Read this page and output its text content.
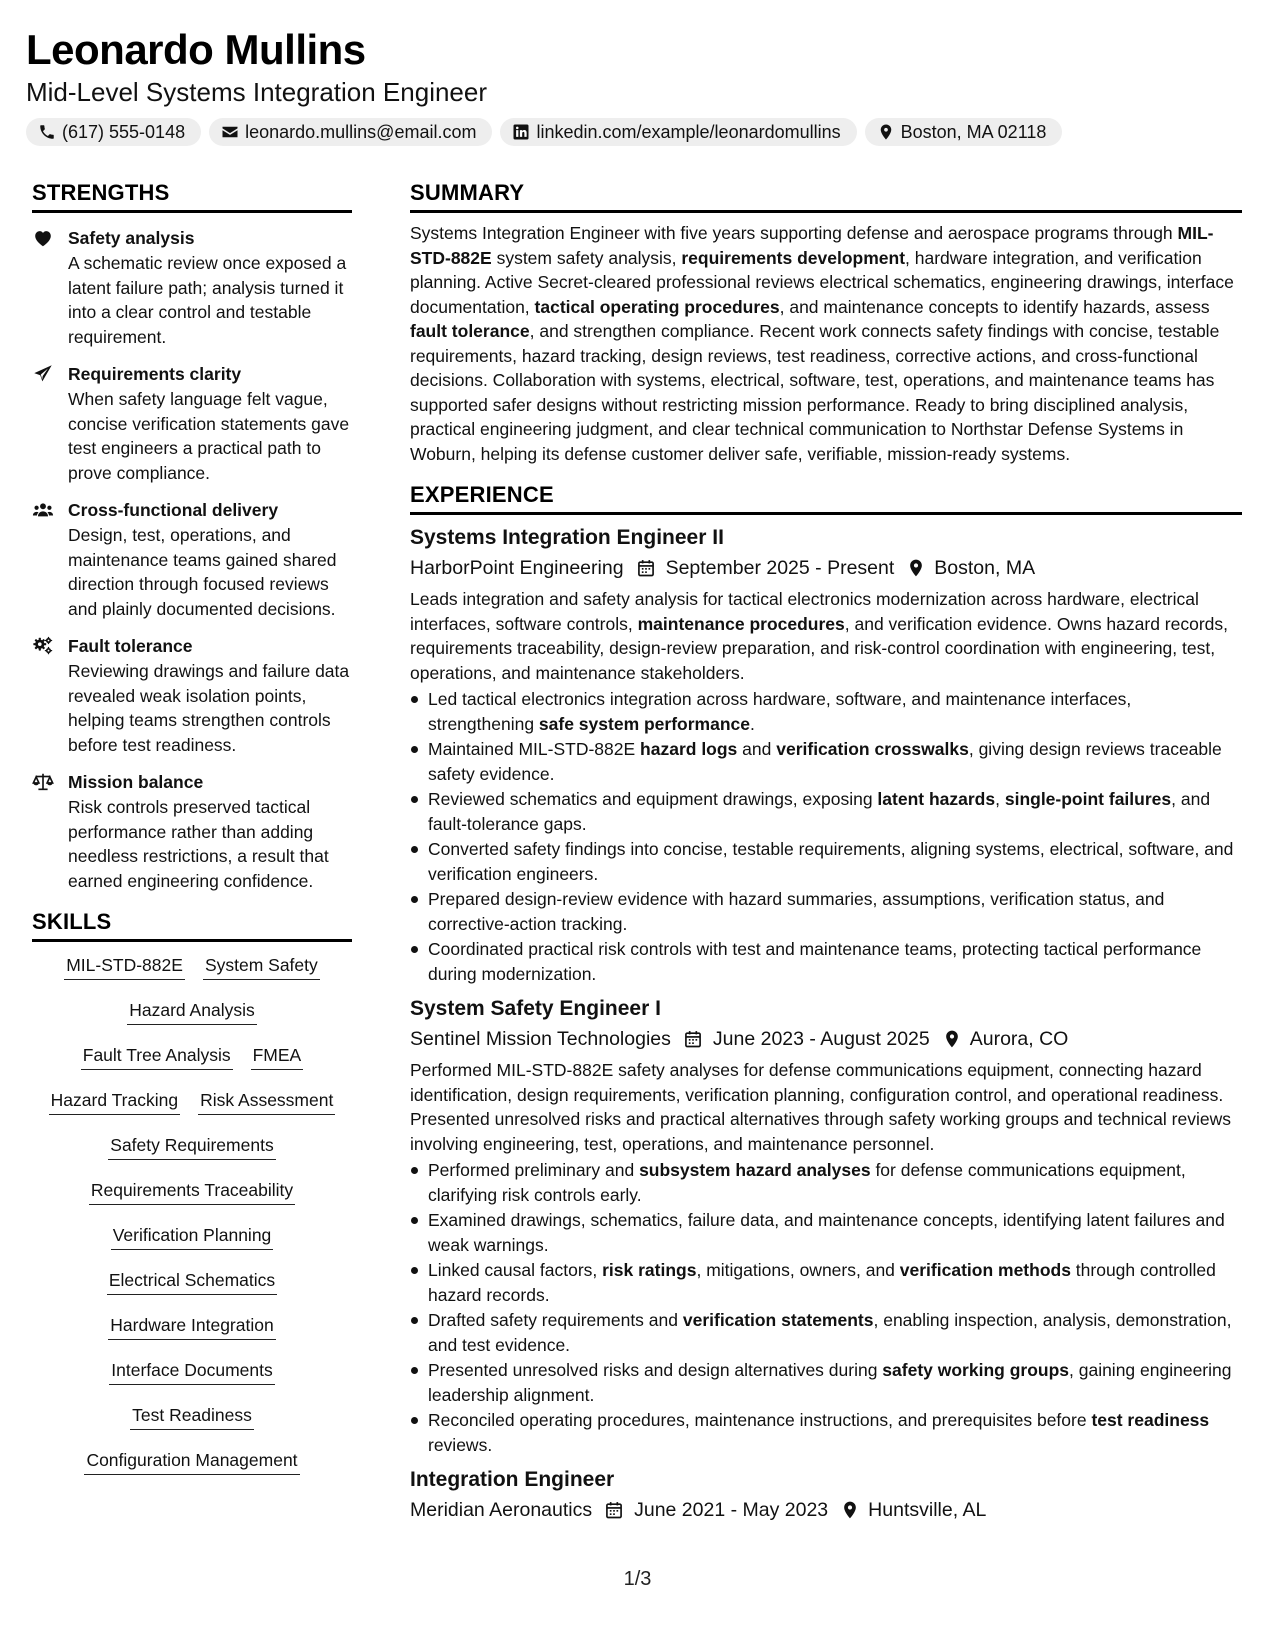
Leonardo Mullins
Mid-Level Systems Integration Engineer
(617) 555-0148	leonardo.mullins@email.com	linkedin.com/example/leonardomullins	Boston, MA 02118
STRENGTHS
Safety analysis
A schematic review once exposed a latent failure path; analysis turned it into a clear control and testable requirement.
Requirements clarity
When safety language felt vague, concise verification statements gave test engineers a practical path to prove compliance.
Cross-functional delivery
Design, test, operations, and maintenance teams gained shared direction through focused reviews and plainly documented decisions.
Fault tolerance
Reviewing drawings and failure data revealed weak isolation points, helping teams strengthen controls before test readiness.
Mission balance
Risk controls preserved tactical performance rather than adding needless restrictions, a result that earned engineering confidence.
SKILLS
MIL-STD-882E System Safety
Hazard Analysis
Fault Tree Analysis FMEA
Hazard Tracking Risk Assessment
Safety Requirements
Requirements Traceability
Verification Planning
Electrical Schematics
Hardware Integration
Interface Documents
Test Readiness
Configuration Management
SUMMARY
Systems Integration Engineer with five years supporting defense and aerospace programs through MIL-STD-882E system safety analysis, requirements development, hardware integration, and verification planning. Active Secret-cleared professional reviews electrical schematics, engineering drawings, interface documentation, tactical operating procedures, and maintenance concepts to identify hazards, assess fault tolerance, and strengthen compliance. Recent work connects safety findings with concise, testable requirements, hazard tracking, design reviews, test readiness, corrective actions, and cross-functional decisions. Collaboration with systems, electrical, software, test, operations, and maintenance teams has supported safer designs without restricting mission performance. Ready to bring disciplined analysis, practical engineering judgment, and clear technical communication to Northstar Defense Systems in Woburn, helping its defense customer deliver safe, verifiable, mission-ready systems.
EXPERIENCE
Systems Integration Engineer II
HarborPoint Engineering September 2025 - Present Boston, MA
Leads integration and safety analysis for tactical electronics modernization across hardware, electrical interfaces, software controls, maintenance procedures, and verification evidence. Owns hazard records, requirements traceability, design-review preparation, and risk-control coordination with engineering, test, operations, and maintenance stakeholders.
Led tactical electronics integration across hardware, software, and maintenance interfaces, strengthening safe system performance.
Maintained MIL-STD-882E hazard logs and verification crosswalks, giving design reviews traceable safety evidence.
Reviewed schematics and equipment drawings, exposing latent hazards, single-point failures, and fault-tolerance gaps.
Converted safety findings into concise, testable requirements, aligning systems, electrical, software, and verification engineers.
Prepared design-review evidence with hazard summaries, assumptions, verification status, and corrective-action tracking.
Coordinated practical risk controls with test and maintenance teams, protecting tactical performance during modernization.
System Safety Engineer I
Sentinel Mission Technologies June 2023 - August 2025 Aurora, CO
Performed MIL-STD-882E safety analyses for defense communications equipment, connecting hazard identification, design requirements, verification planning, configuration control, and operational readiness. Presented unresolved risks and practical alternatives through safety working groups and technical reviews involving engineering, test, operations, and maintenance personnel.
Performed preliminary and subsystem hazard analyses for defense communications equipment, clarifying risk controls early.
Examined drawings, schematics, failure data, and maintenance concepts, identifying latent failures and weak warnings.
Linked causal factors, risk ratings, mitigations, owners, and verification methods through controlled hazard records.
Drafted safety requirements and verification statements, enabling inspection, analysis, demonstration, and test evidence.
Presented unresolved risks and design alternatives during safety working groups, gaining engineering leadership alignment.
Reconciled operating procedures, maintenance instructions, and prerequisites before test readiness reviews.
Integration Engineer
Meridian Aeronautics June 2021 - May 2023 Huntsville, AL
1/3
